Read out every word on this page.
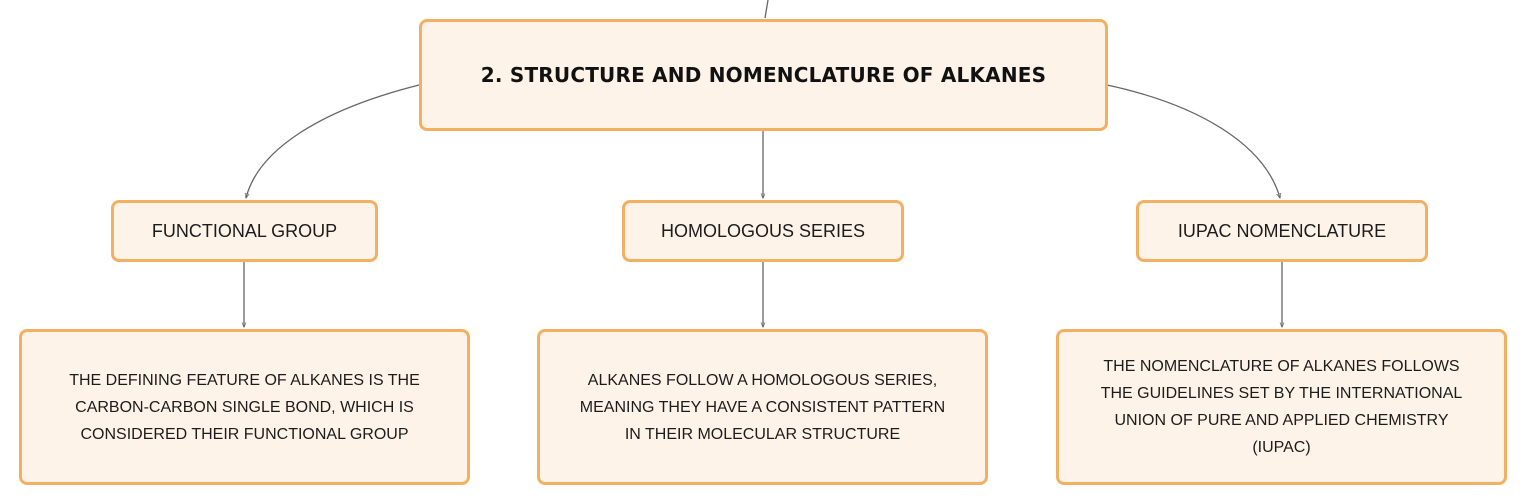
2. STRUCTURE AND NOMENCLATURE OF ALKANES
FUNCTIONAL GROUP	HOMOLOGOUS SERIES	IUPAC NOMENCLATURE
THE DEFINING FEATURE OF ALKANES IS THE CARBON-CARBON SINGLE BOND, WHICH IS CONSIDERED THEIR FUNCTIONAL GROUP
ALKANES FOLLOW A HOMOLOGOUS SERIES, MEANING THEY HAVE A CONSISTENT PATTERN IN THEIR MOLECULAR STRUCTURE
THE NOMENCLATURE OF ALKANES FOLLOWS THE GUIDELINES SET BY THE INTERNATIONAL UNION OF PURE AND APPLIED CHEMISTRY (IUPAC)
